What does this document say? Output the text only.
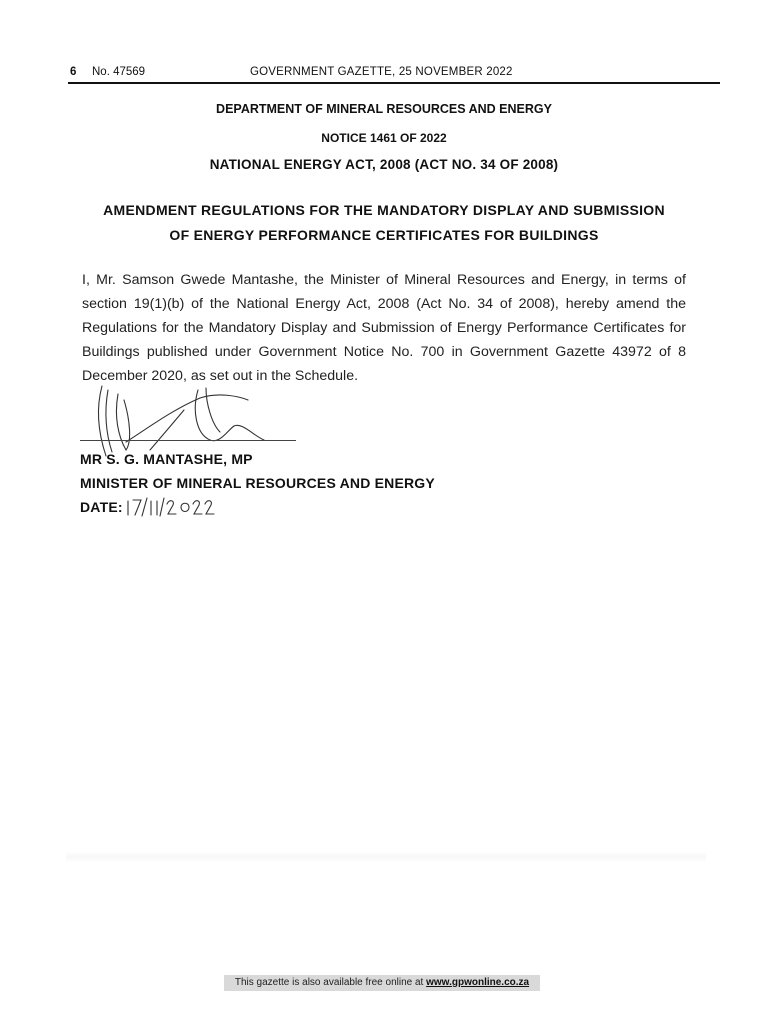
6 No. 47569	GOVERNMENT GAZETTE, 25 NOVEMBER 2022
DEPARTMENT OF MINERAL RESOURCES AND ENERGY
NOTICE 1461 OF 2022
NATIONAL ENERGY ACT, 2008 (ACT NO. 34 OF 2008)
AMENDMENT REGULATIONS FOR THE MANDATORY DISPLAY AND SUBMISSION
OF ENERGY PERFORMANCE CERTIFICATES FOR BUILDINGS
I, Mr. Samson Gwede Mantashe, the Minister of Mineral Resources and Energy, in terms of section 19(1)(b) of the National Energy Act, 2008 (Act No. 34 of 2008), hereby amend the Regulations for the Mandatory Display and Submission of Energy Performance Certificates for Buildings published under Government Notice No. 700 in Government Gazette 43972 of 8 December 2020, as set out in the Schedule.
MR S. G. MANTASHE, MP
MINISTER OF MINERAL RESOURCES AND ENERGY
DATE:
This gazette is also available free online at www.gpwonline.co.za
